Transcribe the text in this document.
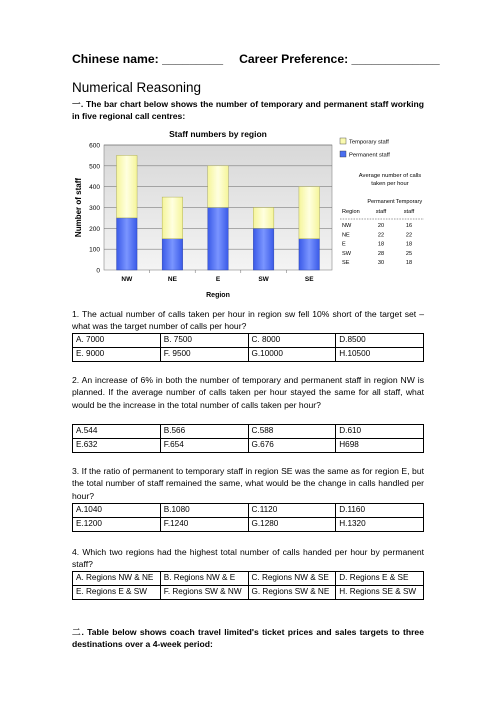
Chinese name: _________ Career Preference: _____________
Numerical Reasoning
一. The bar chart below shows the number of temporary and permanent staff working in five regional call centres:
0
100
200
300
400
500
600
Staff numbers by region
Number of staff
Region
NW	NE	E	SW	SE
Temporary staff
Permanent staff
Average number of calls
taken per hour
Permanent Temporary
Region	staff	staff
NW	20	16
NE	22	22
E	18	18
SW	28	25
SE	30	18
1. The actual number of calls taken per hour in region sw fell 10% short of the target set – what was the target number of calls per hour?
A. 7000	B. 7500	C. 8000	D.8500
E. 9000	F. 9500	G.10000	H.10500
2. An increase of 6% in both the number of temporary and permanent staff in region NW is planned. If the average number of calls taken per hour stayed the same for all staff, what would be the increase in the total number of calls taken per hour?
A.544	B.566	C.588	D.610
E.632	F.654	G.676	H698
3. If the ratio of permanent to temporary staff in region SE was the same as for region E, but the total number of staff remained the same, what would be the change in calls handled per hour?
A.1040	B.1080	C.1120	D.1160
E.1200	F.1240	G.1280	H.1320
4. Which two regions had the highest total number of calls handed per hour by permanent staff?
A. Regions NW & NE	B. Regions NW & E	C. Regions NW & SE	D. Regions E & SE
E. Regions E & SW	F. Regions SW & NW	G. Regions SW & NE	H. Regions SE & SW
二. Table below shows coach travel limited's ticket prices and sales targets to three destinations over a 4-week period:
